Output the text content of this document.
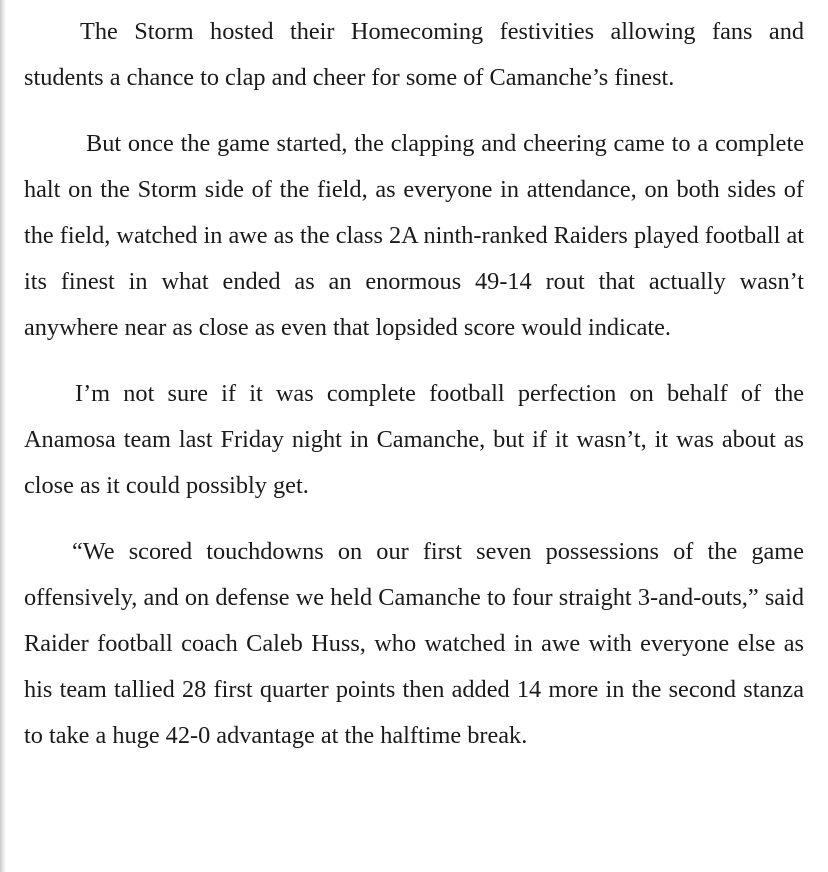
The Storm hosted their Homecoming festivities allowing fans and students a chance to clap and cheer for some of Camanche’s finest.

But once the game started, the clapping and cheering came to a complete halt on the Storm side of the field, as everyone in attendance, on both sides of the field, watched in awe as the class 2A ninth-ranked Raiders played football at its finest in what ended as an enormous 49-14 rout that actually wasn’t anywhere near as close as even that lopsided score would indicate.

I’m not sure if it was complete football perfection on behalf of the Anamosa team last Friday night in Camanche, but if it wasn’t, it was about as close as it could possibly get.

“We scored touchdowns on our first seven possessions of the game offensively, and on defense we held Camanche to four straight 3-and-outs,” said Raider football coach Caleb Huss, who watched in awe with everyone else as his team tallied 28 first quarter points then added 14 more in the second stanza to take a huge 42-0 advantage at the halftime break.
